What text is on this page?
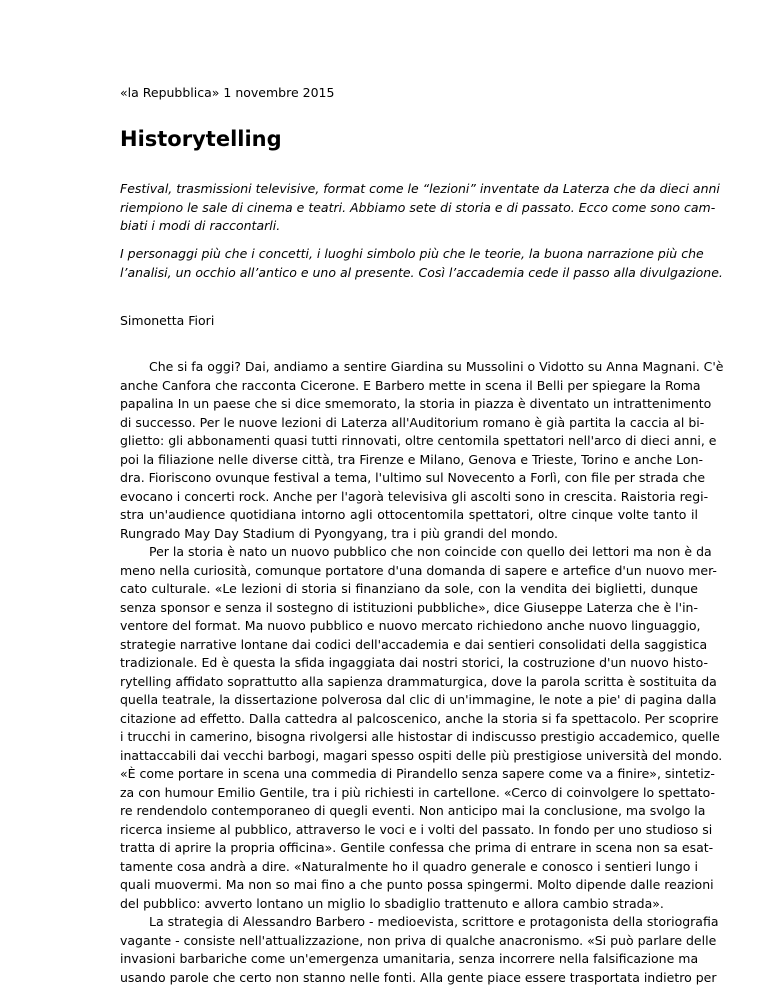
«la Repubblica» 1 novembre 2015
Historytelling

Festival, trasmissioni televisive, format come le “lezioni” inventate da Laterza che da dieci anni
riempiono le sale di cinema e teatri. Abbiamo sete di storia e di passato. Ecco come sono cam-
biati i modi di raccontarli.

I personaggi più che i concetti, i luoghi simbolo più che le teorie, la buona narrazione più che
l’analisi, un occhio all’antico e uno al presente. Così l’accademia cede il passo alla divulgazione.

Simonetta Fiori
Che si fa oggi? Dai, andiamo a sentire Giardina su Mussolini o Vidotto su Anna Magnani. C'è
anche Canfora che racconta Cicerone. E Barbero mette in scena il Belli per spiegare la Roma
papalina In un paese che si dice smemorato, la storia in piazza è diventato un intrattenimento
di successo. Per le nuove lezioni di Laterza all'Auditorium romano è già partita la caccia al bi-
glietto: gli abbonamenti quasi tutti rinnovati, oltre centomila spettatori nell'arco di dieci anni, e
poi la filiazione nelle diverse città, tra Firenze e Milano, Genova e Trieste, Torino e anche Lon-
dra. Fioriscono ovunque festival a tema, l'ultimo sul Novecento a Forlì, con file per strada che
evocano i concerti rock. Anche per l'agorà televisiva gli ascolti sono in crescita. Raistoria regi-
stra un'audience quotidiana intorno agli ottocentomila spettatori, oltre cinque volte tanto il
Rungrado May Day Stadium di Pyongyang, tra i più grandi del mondo.
Per la storia è nato un nuovo pubblico che non coincide con quello dei lettori ma non è da
meno nella curiosità, comunque portatore d'una domanda di sapere e artefice d'un nuovo mer-
cato culturale. «Le lezioni di storia si finanziano da sole, con la vendita dei biglietti, dunque
senza sponsor e senza il sostegno di istituzioni pubbliche», dice Giuseppe Laterza che è l'in-
ventore del format. Ma nuovo pubblico e nuovo mercato richiedono anche nuovo linguaggio,
strategie narrative lontane dai codici dell'accademia e dai sentieri consolidati della saggistica
tradizionale. Ed è questa la sfida ingaggiata dai nostri storici, la costruzione d'un nuovo histo-
rytelling affidato soprattutto alla sapienza drammaturgica, dove la parola scritta è sostituita da
quella teatrale, la dissertazione polverosa dal clic di un'immagine, le note a pie' di pagina dalla
citazione ad effetto. Dalla cattedra al palcoscenico, anche la storia si fa spettacolo. Per scoprire
i trucchi in camerino, bisogna rivolgersi alle histostar di indiscusso prestigio accademico, quelle
inattaccabili dai vecchi barbogi, magari spesso ospiti delle più prestigiose università del mondo.
«È come portare in scena una commedia di Pirandello senza sapere come va a finire», sintetiz-
za con humour Emilio Gentile, tra i più richiesti in cartellone. «Cerco di coinvolgere lo spettato-
re rendendolo contemporaneo di quegli eventi. Non anticipo mai la conclusione, ma svolgo la
ricerca insieme al pubblico, attraverso le voci e i volti del passato. In fondo per uno studioso si
tratta di aprire la propria officina». Gentile confessa che prima di entrare in scena non sa esat-
tamente cosa andrà a dire. «Naturalmente ho il quadro generale e conosco i sentieri lungo i
quali muovermi. Ma non so mai fino a che punto possa spingermi. Molto dipende dalle reazioni
del pubblico: avverto lontano un miglio lo sbadiglio trattenuto e allora cambio strada».
La strategia di Alessandro Barbero - medioevista, scrittore e protagonista della storiografia
vagante - consiste nell'attualizzazione, non priva di qualche anacronismo. «Si può parlare delle
invasioni barbariche come un'emergenza umanitaria, senza incorrere nella falsificazione ma
usando parole che certo non stanno nelle fonti. Alla gente piace essere trasportata indietro per
